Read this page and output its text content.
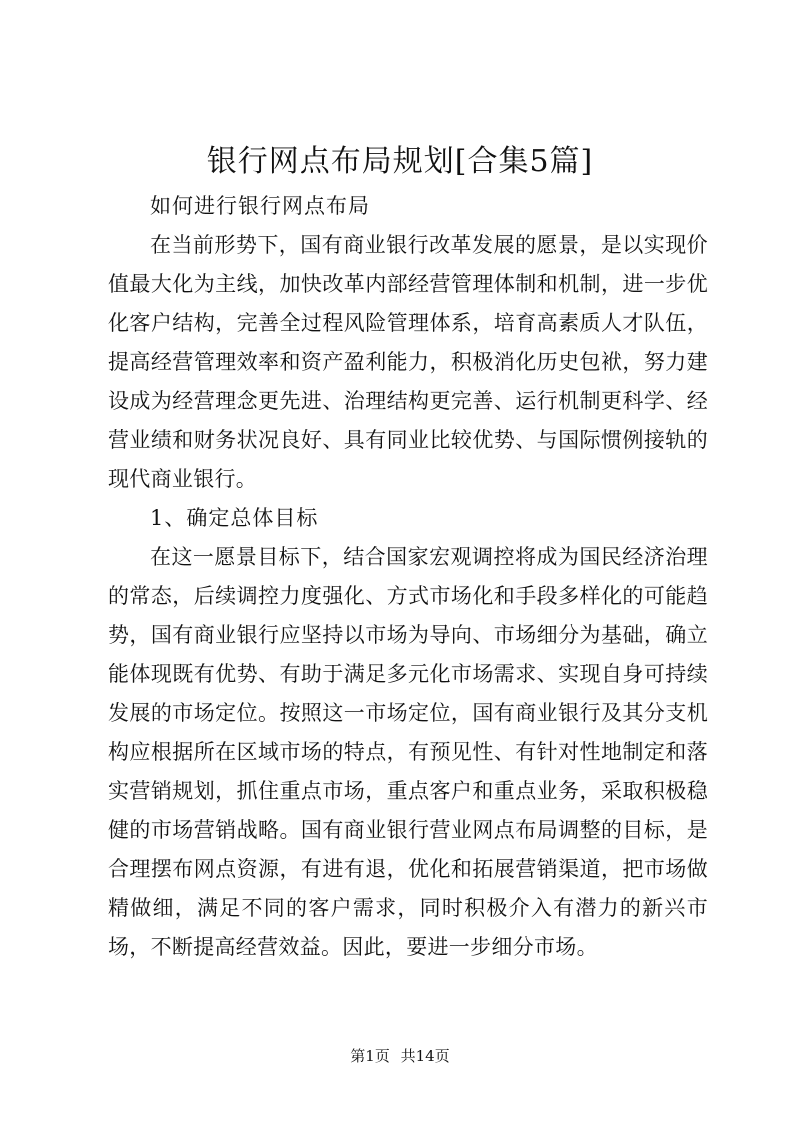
银行网点布局规划[合集5篇]

如何进行银行网点布局

在当前形势下，国有商业银行改革发展的愿景，是以实现价值最大化为主线，加快改革内部经营管理体制和机制，进一步优化客户结构，完善全过程风险管理体系，培育高素质人才队伍，提高经营管理效率和资产盈利能力，积极消化历史包袱，努力建设成为经营理念更先进、治理结构更完善、运行机制更科学、经营业绩和财务状况良好、具有同业比较优势、与国际惯例接轨的现代商业银行。

1、确定总体目标

在这一愿景目标下，结合国家宏观调控将成为国民经济治理的常态，后续调控力度强化、方式市场化和手段多样化的可能趋势，国有商业银行应坚持以市场为导向、市场细分为基础，确立能体现既有优势、有助于满足多元化市场需求、实现自身可持续发展的市场定位。按照这一市场定位，国有商业银行及其分支机构应根据所在区域市场的特点，有预见性、有针对性地制定和落实营销规划，抓住重点市场，重点客户和重点业务，采取积极稳健的市场营销战略。国有商业银行营业网点布局调整的目标，是合理摆布网点资源，有进有退，优化和拓展营销渠道，把市场做精做细，满足不同的客户需求，同时积极介入有潜力的新兴市场，不断提高经营效益。因此，要进一步细分市场。

第1页 共14页
